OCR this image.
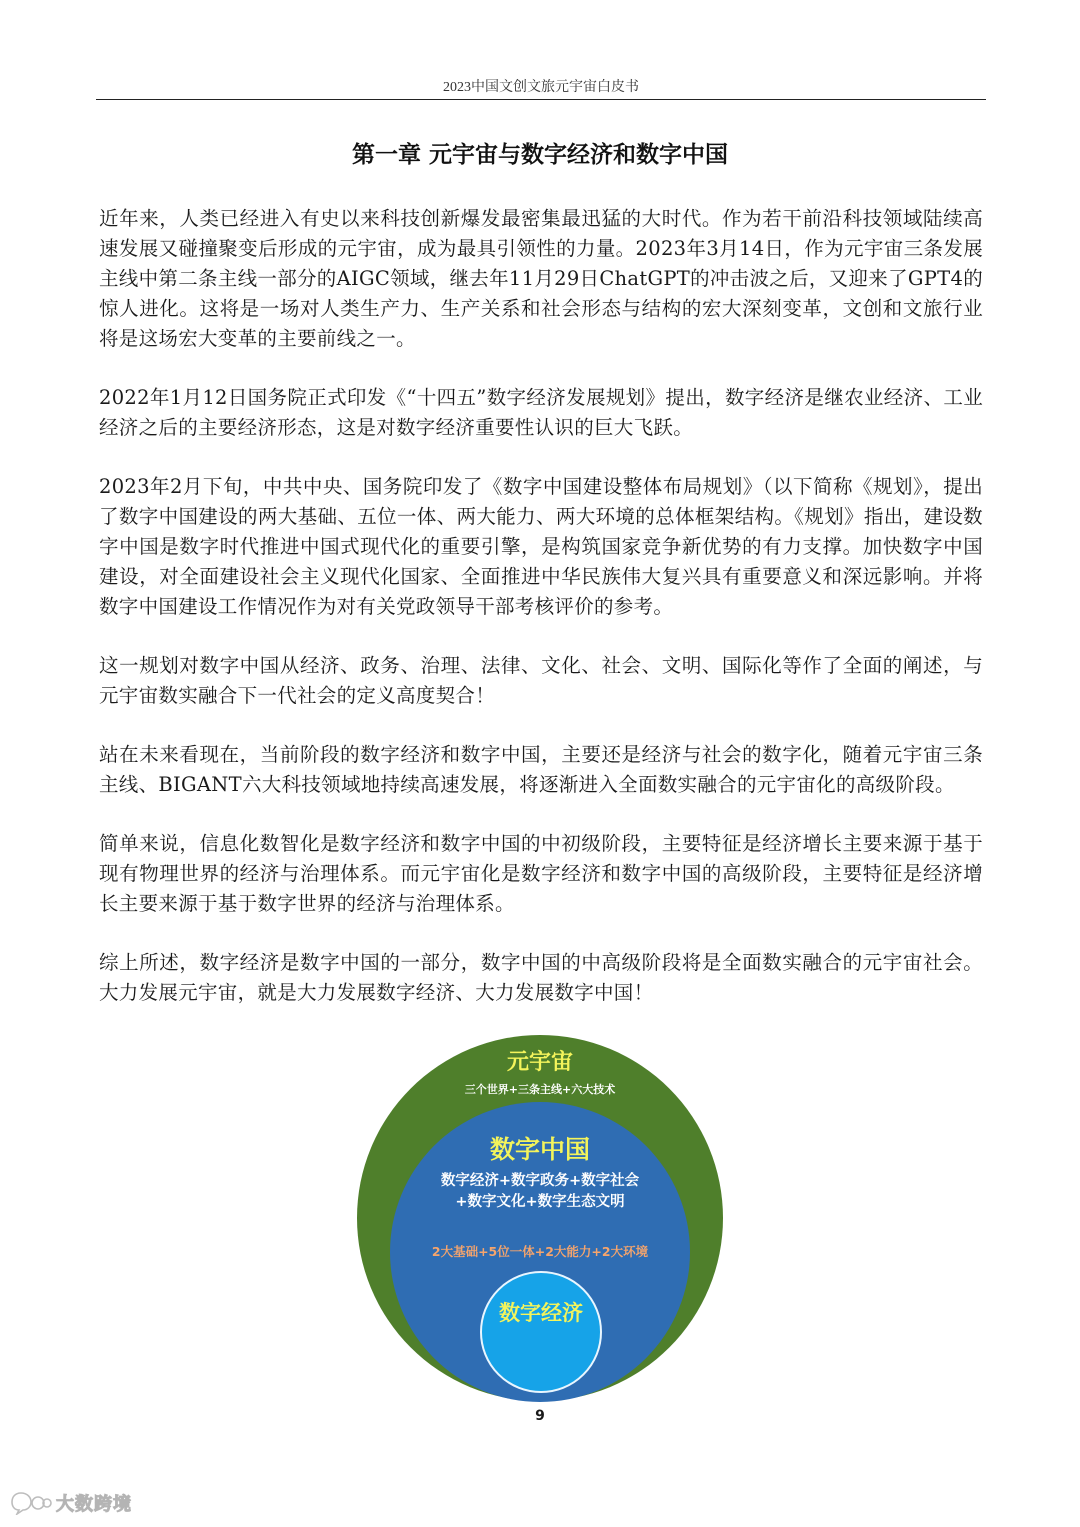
2023中国文创文旅元宇宙白皮书
第一章 元宇宙与数字经济和数字中国

近年来，人类已经进入有史以来科技创新爆发最密集最迅猛的大时代。作为若干前沿科技领域陆续高速发展又碰撞聚变后形成的元宇宙，成为最具引领性的力量。2023年3月14日，作为元宇宙三条发展主线中第二条主线一部分的AIGC领域，继去年11月29日ChatGPT的冲击波之后，又迎来了GPT4的惊人进化。这将是一场对人类生产力、生产关系和社会形态与结构的宏大深刻变革，文创和文旅行业将是这场宏大变革的主要前线之一。

2022年1月12日国务院正式印发《“十四五”数字经济发展规划》提出，数字经济是继农业经济、工业经济之后的主要经济形态，这是对数字经济重要性认识的巨大飞跃。

2023年2月下旬，中共中央、国务院印发了《数字中国建设整体布局规划》（以下简称《规划》，提出了数字中国建设的两大基础、五位一体、两大能力、两大环境的总体框架结构。《规划》指出，建设数字中国是数字时代推进中国式现代化的重要引擎，是构筑国家竞争新优势的有力支撑。加快数字中国建设，对全面建设社会主义现代化国家、全面推进中华民族伟大复兴具有重要意义和深远影响。并将数字中国建设工作情况作为对有关党政领导干部考核评价的参考。

这一规划对数字中国从经济、政务、治理、法律、文化、社会、文明、国际化等作了全面的阐述，与元宇宙数实融合下一代社会的定义高度契合！

站在未来看现在，当前阶段的数字经济和数字中国，主要还是经济与社会的数字化，随着元宇宙三条主线、BIGANT六大科技领域地持续高速发展，将逐渐进入全面数实融合的元宇宙化的高级阶段。

简单来说，信息化数智化是数字经济和数字中国的中初级阶段，主要特征是经济增长主要来源于基于现有物理世界的经济与治理体系。而元宇宙化是数字经济和数字中国的高级阶段，主要特征是经济增长主要来源于基于数字世界的经济与治理体系。

综上所述，数字经济是数字中国的一部分，数字中国的中高级阶段将是全面数实融合的元宇宙社会。大力发展元宇宙，就是大力发展数字经济、大力发展数字中国！

元宇宙
三个世界+三条主线+六大技术
数字中国
数字经济+数字政务+数字社会+数字文化+数字生态文明
2大基础+5位一体+2大能力+2大环境
数字经济
9
大数跨境
